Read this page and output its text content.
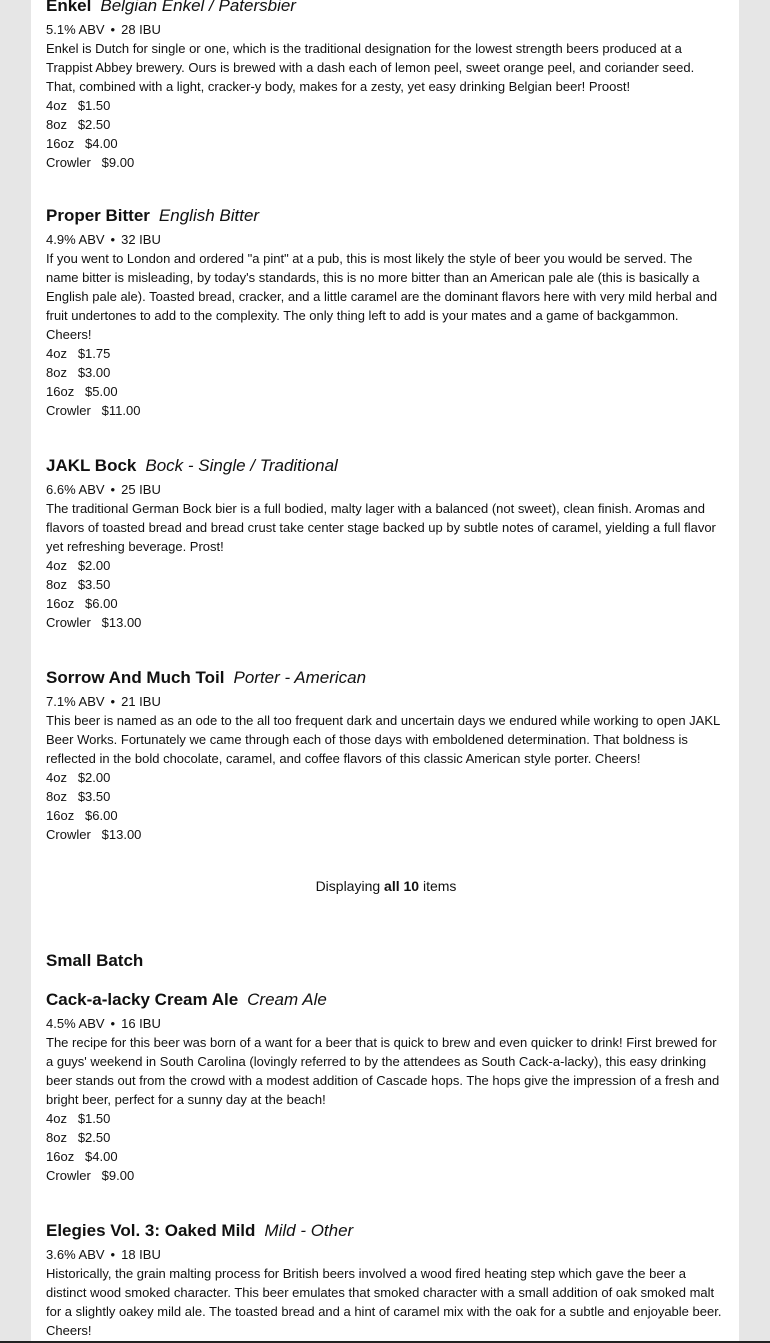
Enkel Belgian Enkel / Patersbier
5.1% ABV • 28 IBU
Enkel is Dutch for single or one, which is the traditional designation for the lowest strength beers produced at a Trappist Abbey brewery. Ours is brewed with a dash each of lemon peel, sweet orange peel, and coriander seed. That, combined with a light, cracker-y body, makes for a zesty, yet easy drinking Belgian beer! Proost!
4oz $1.50
8oz $2.50
16oz $4.00
Crowler $9.00
Proper Bitter English Bitter
4.9% ABV • 32 IBU
If you went to London and ordered "a pint" at a pub, this is most likely the style of beer you would be served. The name bitter is misleading, by today's standards, this is no more bitter than an American pale ale (this is basically a English pale ale). Toasted bread, cracker, and a little caramel are the dominant flavors here with very mild herbal and fruit undertones to add to the complexity. The only thing left to add is your mates and a game of backgammon. Cheers!
4oz $1.75
8oz $3.00
16oz $5.00
Crowler $11.00
JAKL Bock Bock - Single / Traditional
6.6% ABV • 25 IBU
The traditional German Bock bier is a full bodied, malty lager with a balanced (not sweet), clean finish. Aromas and flavors of toasted bread and bread crust take center stage backed up by subtle notes of caramel, yielding a full flavor yet refreshing beverage. Prost!
4oz $2.00
8oz $3.50
16oz $6.00
Crowler $13.00
Sorrow And Much Toil Porter - American
7.1% ABV • 21 IBU
This beer is named as an ode to the all too frequent dark and uncertain days we endured while working to open JAKL Beer Works. Fortunately we came through each of those days with emboldened determination. That boldness is reflected in the bold chocolate, caramel, and coffee flavors of this classic American style porter. Cheers!
4oz $2.00
8oz $3.50
16oz $6.00
Crowler $13.00
Displaying all 10 items
Small Batch
Cack-a-lacky Cream Ale Cream Ale
4.5% ABV • 16 IBU
The recipe for this beer was born of a want for a beer that is quick to brew and even quicker to drink! First brewed for a guys' weekend in South Carolina (lovingly referred to by the attendees as South Cack-a-lacky), this easy drinking beer stands out from the crowd with a modest addition of Cascade hops. The hops give the impression of a fresh and bright beer, perfect for a sunny day at the beach!
4oz $1.50
8oz $2.50
16oz $4.00
Crowler $9.00
Elegies Vol. 3: Oaked Mild Mild - Other
3.6% ABV • 18 IBU
Historically, the grain malting process for British beers involved a wood fired heating step which gave the beer a distinct wood smoked character. This beer emulates that smoked character with a small addition of oak smoked malt for a slightly oakey mild ale. The toasted bread and a hint of caramel mix with the oak for a subtle and enjoyable beer. Cheers!
